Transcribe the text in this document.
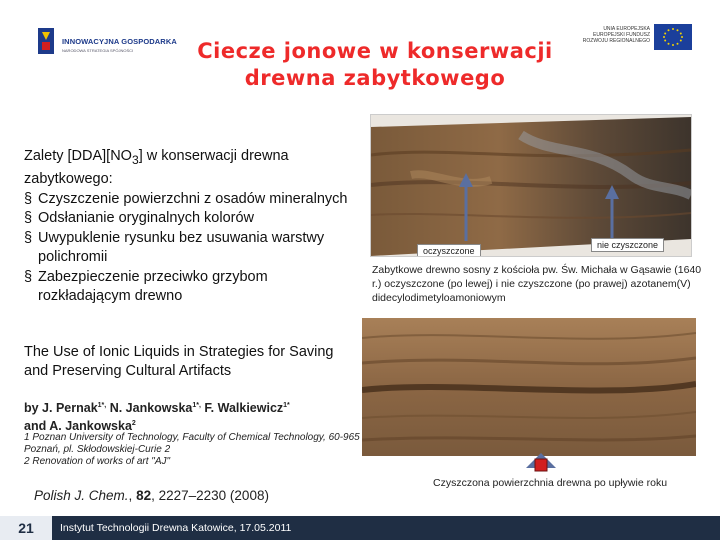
INNOWACYJNA GOSPODARKA
NARODOWA STRATEGIA SPÓJNOŚCI
UNIA EUROPEJSKA
EUROPEJSKI FUNDUSZ
ROZWOJU REGIONALNEGO
Ciecze jonowe w konserwacji
drewna zabytkowego
Zalety $[DDA][NO_3]$ w konserwacji drewna zabytkowego:
§ Czyszczenie powierzchni z osadów mineralnych
§ Odsłanianie oryginalnych kolorów
§ Uwypuklenie rysunku bez usuwania warstwy polichromii
§ Zabezpieczenie przeciwko grzybom rozkładającym drewno
The Use of Ionic Liquids in Strategies for Saving and Preserving Cultural Artifacts
by J. Pernak$^{1*,}$ N. Jankowska$^{1*,}$ F. Walkiewicz$^{1*}$
and A. Jankowska$^2$
1 Poznan University of Technology, Faculty of Chemical Technology, 60-965 Poznań, pl. Skłodowskiej-Curie 2
2 Renovation of works of art "AJ"
Polish J. Chem., 82, 2227–2230 (2008)
oczyszczone
nie czyszczone
Zabytkowe drewno sosny z kościoła pw. Św. Michała w Gąsawie (1640 r.) oczyszczone (po lewej) i nie czyszczone (po prawej) azotanem(V) didecylodimetyloamoniowym
Czyszczona powierzchnia drewna po upływie roku
21	Instytut Technologii Drewna Katowice, 17.05.2011
